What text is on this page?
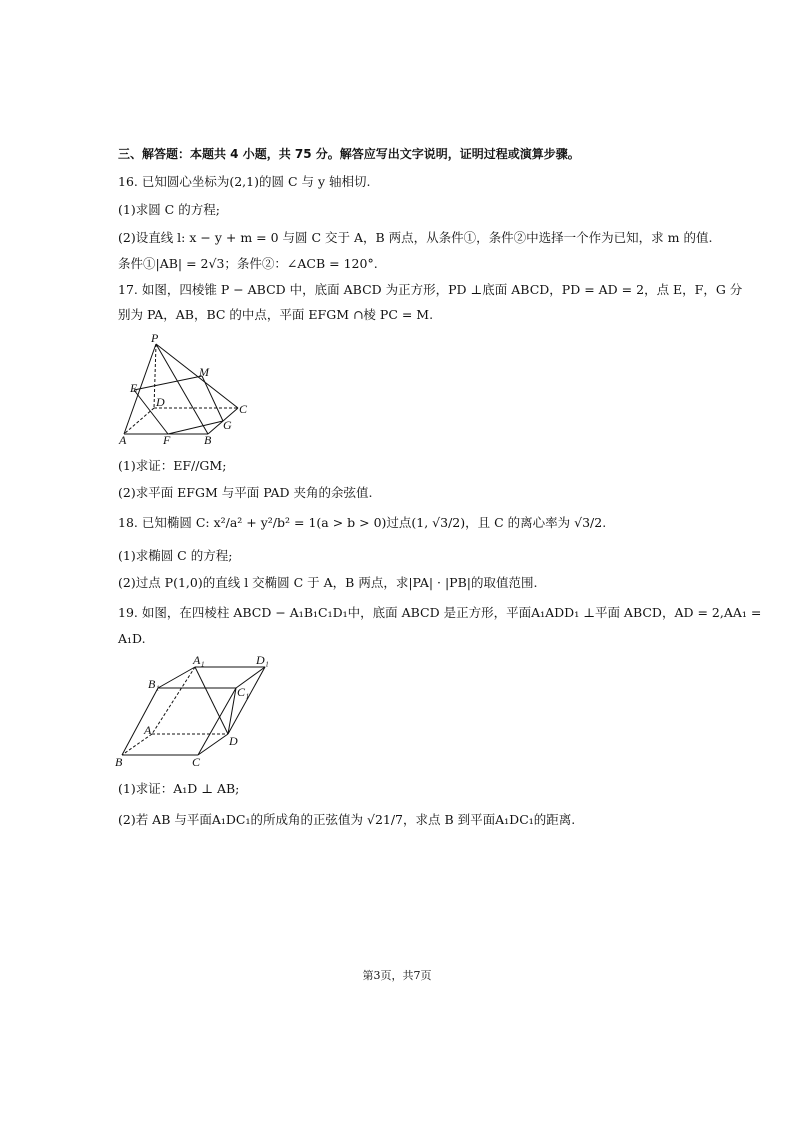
三、解答题：本题共 4 小题，共 75 分。解答应写出文字说明，证明过程或演算步骤。
16. 已知圆心坐标为(2,1)的圆 C 与 y 轴相切.
(1)求圆 C 的方程;
(2)设直线 l: x − y + m = 0 与圆 C 交于 A，B 两点，从条件①，条件②中选择一个作为已知，求 m 的值.
条件①|AB| = 2√3；条件②：∠ACB = 120°.
17. 如图，四棱锥 P − ABCD 中，底面 ABCD 为正方形，PD ⊥底面 ABCD，PD = AD = 2，点 E，F，G 分
别为 PA，AB，BC 的中点，平面 EFGM ∩棱 PC = M.
P
M
E
D	C
G
A	F	B
(1)求证：EF//GM;
(2)求平面 EFGM 与平面 PAD 夹角的余弦值.
18. 已知椭圆 C: x²/a² + y²/b² = 1(a > b > 0)过点(1, √3/2)，且 C 的离心率为 √3/2.
(1)求椭圆 C 的方程;
(2)过点 P(1,0)的直线 l 交椭圆 C 于 A，B 两点，求|PA| · |PB|的取值范围.
19. 如图，在四棱柱 ABCD − A₁B₁C₁D₁中，底面 ABCD 是正方形，平面A₁ADD₁ ⊥平面 ABCD，AD = 2,AA₁ =
A₁D.
A₁	D₁
B₁
C₁
A
D
B	C
(1)求证：A₁D ⊥ AB;
(2)若 AB 与平面A₁DC₁的所成角的正弦值为 √21/7，求点 B 到平面A₁DC₁的距离.
第3页，共7页
